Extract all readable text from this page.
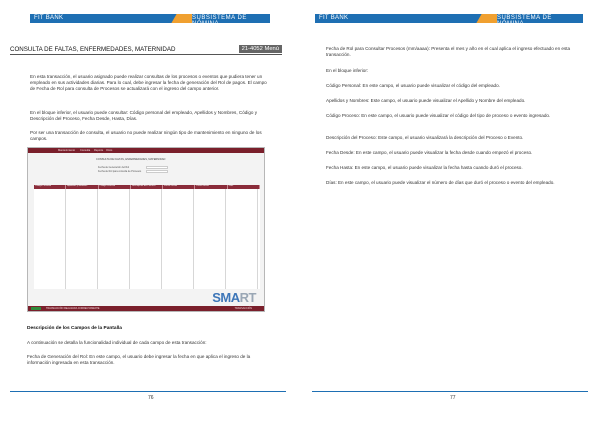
FIT BANK	SUBSISTEMA DE NÓMINA
CONSULTA DE FALTAS, ENFERMEDADES, MATERNIDAD	21-4052 Menú

En esta transacción, el usuario asignado puede realizar consultas de los procesos o eventos que pudiera tener un empleado en sus actividades diarias. Para lo cual, debe ingresar la fecha de generación del Rol de pagos. El campo de Fecha de Rol para consulta de Procesos se actualizará con el ingreso del campo anterior.

En el bloque inferior, el usuario puede consultar: Código personal del empleado, Apellidos y Nombres, Código y Descripción del Proceso, Fecha Desde, Hasta, Días.

Por ser una transacción de consulta, el usuario no puede realizar ningún tipo de mantenimiento en ninguno de los campos.

Mantenimiento Consulta Reporte Otros
CONSULTA DE FALTAS, ENFERMEDADES, MATERNIDAD
Fecha de Generación del Rol
Fecha de Rol para consulta de Procesos
Código Personal	Apellidos y Nombres	Código Proceso	Descripción del Proceso	Fecha Desde	Fecha Hasta	Días
SMART
TRANSACCIÓN REALIZADA CORRECTAMENTE	TRANSACCIÓN
Descripción de los Campos de la Pantalla

A continuación se detalla la funcionalidad individual de cada campo de esta transacción:

Fecha de Generación del Rol: En este campo, el usuario debe ingresar la fecha en que aplica el ingreso de la información ingresada en esta transacción.

76
FIT BANK	SUBSISTEMA DE NÓMINA

Fecha de Rol para Consultar Procesos (mm/aaaa): Presenta el mes y año en el cual aplica el ingreso efectuado en esta transacción.

En el bloque inferior:

Código Personal: En este campo, el usuario puede visualizar el código del empleado.

Apellidos y Nombres: Este campo, el usuario puede visualizar el Apellido y Nombre del empleado.

Código Proceso: En este campo, el usuario puede visualizar el código del tipo de proceso o evento ingresado.

Descripción del Proceso: Este campo, el usuario visualizará la descripción del Proceso o Evento.

Fecha Desde: En este campo, el usuario puede visualizar la fecha desde cuando empezó el proceso.

Fecha Hasta: En este campo, el usuario puede visualizar la fecha hasta cuando duró el proceso.

Días: En este campo, el usuario puede visualizar el número de días que duró el proceso o evento del empleado.

77
